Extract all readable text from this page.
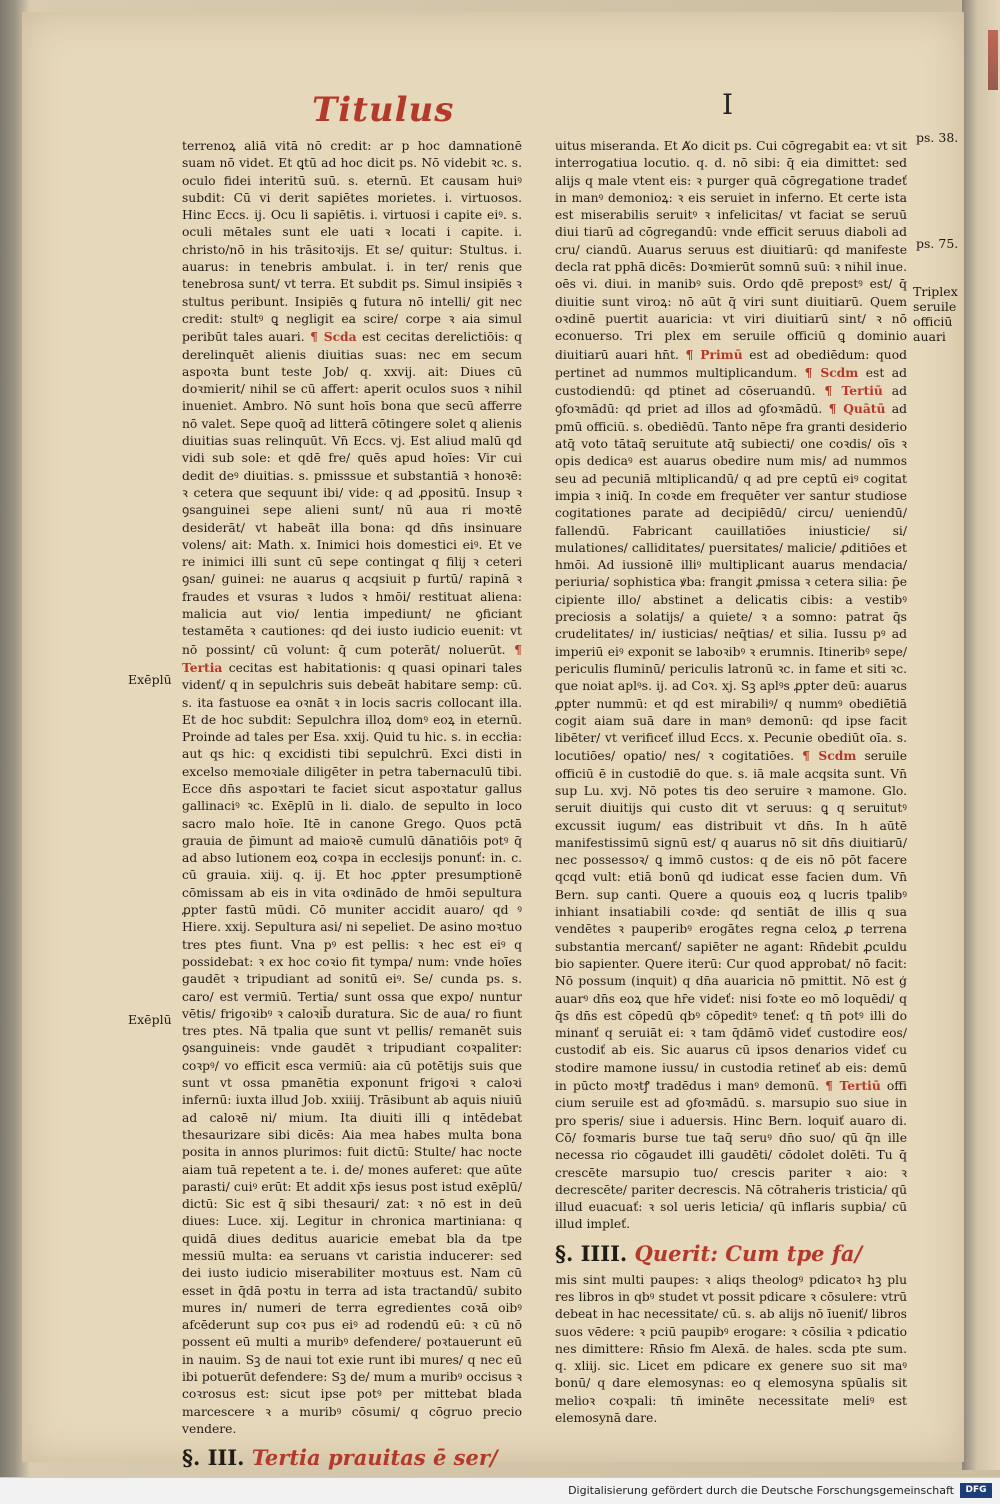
Titulus	I

terrenoꝝ aliā vitā nō credit: ar p hoc damnationē suam nō videt. Et ꝗtū ad hoc dicit ps. Nō videbit ꝛc. s. oculo fidei interitū suū. s. eternū. Et causam huiꝰ subdit: Cū vi derit sapiētes morietes. i. virtuosos. Hinc Eccs. ij. Ocu li sapiētis. i. virtuosi i capite eiꝰ. s. oculi mētales sunt ele uati ꝛ locati i capite. i. christo/nō in his trāsitoꝛijs. Et se/ quitur: Stultus. i. auarus: in tenebris ambulat. i. in ter/ renis que tenebrosa sunt/ vt terra. Et subdit ps. Simul insipiēs ꝛ stultus peribunt. Insipiēs ꝗ futura nō intelli/ git nec credit: stultꝰ ꝗ negligit ea scire/ corpe ꝛ aia simul peribūt tales auari. ¶ Scda est cecitas derelictiōis: q derelinquēt alienis diuitias suas: nec em secum aspoꝛta bunt teste Job/ q. xxvij. ait: Diues cū doꝛmierit/ nihil se cū affert: aperit oculos suos ꝛ nihil inueniet. Ambro. Nō sunt hoīs bona que secū afferre nō valet. Sepe quoq̄ ad litterā cōtingere solet q alienis diuitias suas relinquūt. Vn̄ Eccs. vj. Est aliud malū qd vidi sub sole: et qdē fre/ quēs apud hoīes: Vir cui dedit deꝰ diuitias. s. pmisssue et substantiā ꝛ honoꝛē: ꝛ cetera que sequunt ibi/ vide: q ad ꝓpositū. Insup ꝛ ꝯsanguinei sepe alieni sunt/ nū aua ri moꝛtē desiderāt/ vt habeāt illa bona: qd dn̄s insinuare volens/ ait: Math. x. Inimici hois domestici eiꝰ. Et ve re inimici illi sunt cū sepe contingat q filij ꝛ ceteri ꝯsan/ guinei: ne auarus q acqsiuit p furtū/ rapinā ꝛ fraudes et vsuras ꝛ ludos ꝛ hmōi/ restituat aliena: malicia aut vio/ lentia impediunt/ ne ꝯficiant testamēta ꝛ cautiones: qd dei iusto iudicio euenit: vt nō possint/ cū volunt: q̄ cum poterāt/ noluerūt. ¶ Tertia cecitas est habitationis: q quasi opinari tales videnť/ q in sepulchris suis debeāt habitare semp: cū. s. ita fastuose ea oꝛnāt ꝛ in locis sacris collocant illa. Et de hoc subdit: Sepulchra illoꝝ domꝰ eoꝝ in eternū. Proinde ad tales per Esa. xxij. Quid tu hic. s. in eccłia: aut qs hic: q excidisti tibi sepulchrū. Exci disti in excelso memoꝛiale diligēter in petra tabernaculū tibi. Ecce dn̄s aspoꝛtari te faciet sicut aspoꝛtatur gallus gallinaciꝰ ꝛc. Exēplū in li. dialo. de sepulto in loco sacro malo hoīe. Itē in canone Grego. Quos pctā grauia de p̄imunt ad maioꝛē cumulū dānatiōis potꝰ q̄ ad abso lutionem eoꝝ coꝛpa in ecclesijs ponunť: in. c. cū grauia. xiij. q. ij. Et hoc ꝓpter presumptionē cōmissam ab eis in vita oꝛdinādo de hmōi sepultura ꝓpter fastū mūdi. Cō muniter accidit auaro/ qd ꝰ Hiere. xxij. Sepultura asi/ ni sepeliet. De asino moꝛtuo tres ptes fiunt. Vna pꝰ est pellis: ꝛ hec est eiꝰ q possidebat: ꝛ ex hoc coꝛio fit tympa/ num: vnde hoīes gaudēt ꝛ tripudiant ad sonitū eiꝰ. Se/ cunda ps. s. caro/ est vermiū. Tertia/ sunt ossa que expo/ nuntur vētis/ frigoꝛibꝰ ꝛ caloꝛib̄ duratura. Sic de aua/ ro fiunt tres ptes. Nā tpalia que sunt vt pellis/ remanēt suis ꝯsanguineis: vnde gaudēt ꝛ tripudiant coꝛpaliter: coꝛpꝰ/ vo efficit esca vermiū: aia cū potētijs suis que sunt vt ossa pmanētia exponunt frigoꝛi ꝛ caloꝛi infernū: iuxta illud Job. xxiiij. Trāsibunt ab aquis niuiū ad caloꝛē ni/ mium. Ita diuiti illi q intēdebat thesaurizare sibi dicēs: Aia mea habes multa bona posita in annos plurimos: fuit dictū: Stulte/ hac nocte aiam tuā repetent a te. i. de/ mones auferet: que aūte parasti/ cuiꝰ erūt: Et addit xp̄s iesus post istud exēplū/ dictū: Sic est q̄ sibi thesauri/ zat: ꝛ nō est in deū diues: Luce. xij. Legitur in chronica martiniana: q quidā diues deditus auaricie emebat bla da tpe messiū multa: ea seruans vt caristia inducerer: sed dei iusto iudicio miserabiliter moꝛtuus est. Nam cū esset in q̄dā poꝛtu in terra ad ista tractandū/ subito mures in/ numeri de terra egredientes coꝛā oibꝰ afcēderunt sup coꝛ pus eiꝰ ad rodendū eū: ꝛ cū nō possent eū multi a muribꝰ defendere/ poꝛtauerunt eū in nauim. Sꝫ de naui tot exie runt ibi mures/ q nec eū ibi potuerūt defendere: Sꝫ de/ mum a muribꝰ occisus ꝛ coꝛrosus est: sicut ipse potꝰ per mittebat blada marcescere ꝛ a muribꝰ cōsumi/ q cōgruo precio vendere.

§. III. Tertia prauitas ē ser/

uitus miseranda. Et Ⱥo dicit ps. Cui cōgregabit ea: vt sit interrogatiua locutio. q. d. nō sibi: q̄ eia dimittet: sed alijs q male vtent eis: ꝛ purger quā cōgregatione tradeť in manꝰ demonioꝝ: ꝛ eis seruiet in inferno. Et certe ista est miserabilis seruitꝰ ꝛ infelicitas/ vt faciat se seruū diui tiarū ad cōgregandū: vnde efficit seruus diaboli ad cru/ ciandū. Auarus seruus est diuitiarū: qd manifeste decla rat pphā dicēs: Doꝛmierūt somnū suū: ꝛ nihil inue. oēs vi. diui. in manibꝰ suis. Ordo qdē prepostꝰ est/ q̄ diuitie sunt viroꝝ: nō aūt q̄ viri sunt diuitiarū. Quem oꝛdinē puertit auaricia: vt viri diuitiarū sint/ ꝛ nō econuerso. Tri plex em seruile officiū ꝗ dominio diuitiarū auari hn̄t. ¶ Primū est ad obediēdum: quod pertinet ad nummos multiplicandum. ¶ Scdm est ad custodiendū: qd ptinet ad cōseruandū. ¶ Tertiū ad ꝯfoꝛmādū: qd priet ad illos ad ꝯfoꝛmādū. ¶ Quātū ad pmū officiū. s. obediēdū. Tanto nēpe fra granti desiderio atq̄ voto tātaq̄ seruitute atq̄ subiecti/ one coꝛdis/ oīs ꝛ opis dedicaꝰ est auarus obedire num mis/ ad nummos seu ad pecuniā mltiplicandū/ q ad pre ceptū eiꝰ cogitat impia ꝛ iniq̄. In coꝛde em frequēter ver santur studiose cogitationes parate ad decipiēdū/ circu/ ueniendū/ fallendū. Fabricant cauillatiōes iniusticie/ si/ mulationes/ calliditates/ puersitates/ malicie/ ꝓditiōes et hmōi. Ad iussionē illiꝰ multiplicant auarus mendacia/ periuria/ sophistica ꝟba: frangit ꝓmissa ꝛ cetera silia: p̄e cipiente illo/ abstinet a delicatis cibis: a vestibꝰ preciosis a solatijs/ a quiete/ ꝛ a somno: patrat q̄s crudelitates/ in/ iusticias/ neq̄tias/ et silia. Iussu pꝰ ad imperiū eiꝰ exponit se laboꝛibꝰ ꝛ erumnis. Itineribꝰ sepe/ periculis fluminū/ periculis latronū ꝛc. in fame et siti ꝛc. que noiat aplꝰs. ij. ad Coꝛ. xj. Sꝫ aplꝰs ꝓpter deū: auarus ꝓpter nummū: et qd est mirabiliꝰ/ q nummꝰ obediētiā cogit aiam suā dare in manꝰ demonū: qd ipse facit libēter/ vt verificeť illud Eccs. x. Pecunie obediūt oīa. s. locutiōes/ opatio/ nes/ ꝛ cogitatiōes. ¶ Scdm seruile officiū ē in custodiē do que. s. iā male acqsita sunt. Vn̄ sup Lu. xvj. Nō potes tis deo seruire ꝛ mamone. Glo. seruit diuitijs qui custo dit vt seruus: ꝗ q seruitutꝰ excussit iugum/ eas distribuit vt dn̄s. In h aūtē manifestissimū signū est/ q auarus nō sit dn̄s diuitiarū/ nec possessoꝛ/ ꝗ immō custos: q de eis nō pōt facere qcqd vult: etiā bonū qd iudicat esse facien dum. Vn̄ Bern. sup canti. Quere a quouis eoꝝ q lucris tpalibꝰ inhiant insatiabili coꝛde: qd sentiāt de illis q sua vendētes ꝛ pauperibꝰ erogātes regna celoꝝ ꝓ terrena substantia mercanť/ sapiēter ne agant: Rn̄debit ꝓculdu bio sapienter. Quere iterū: Cur quod approbat/ nō facit: Nō possum (inquit) q dn̄a auaricia nō pmittit. Nō est ģ auarꝰ dn̄s eoꝝ que hr̄e videť: nisi foꝛte eo mō loquēdi/ q q̄s dn̄s est cōpedū qbꝰ cōpeditꝰ teneť: q tn̄ potꝰ illi do minanť q seruiāt ei: ꝛ tam q̄dāmō videť custodire eos/ custodiť ab eis. Sic auarus cū ipsos denarios videť cu stodire mamone iussu/ in custodia retineť ab eis: demū in pūcto moꝛtꝭ tradēdus i manꝰ demonū. ¶ Tertiū offi cium seruile est ad ꝯfoꝛmādū. s. marsupio suo siue in pro speris/ siue i aduersis. Hinc Bern. loquiť auaro di. Cō/ foꝛmaris burse tue taq̄ seruꝰ dn̄o suo/ qū q̄n ille necessa rio cōgaudet illi gaudēti/ cōdolet dolēti. Tu q̄ crescēte marsupio tuo/ crescis pariter ꝛ aio: ꝛ decrescēte/ pariter decrescis. Nā cōtraheris tristicia/ qū illud euacuať: ꝛ sol ueris leticia/ qū inflaris supbia/ cū illud impleť.

§. IIII. Querit: Cum tpe fa/

mis sint multi paupes: ꝛ aliqs theologꝰ pdicatoꝛ hꝫ plu res libros in qbꝰ studet vt possit pdicare ꝛ cōsulere: vtrū debeat in hac necessitate/ cū. s. ab alijs nō īueniť/ libros suos vēdere: ꝛ pciū paupibꝰ erogare: ꝛ cōsilia ꝛ pdicatio nes dimittere: Rn̄sio fm Alexā. de hales. scda pte sum. q. xliij. sic. Licet em pdicare ex genere suo sit maꝰ bonū/ q dare elemosynas: eo q elemosyna spūalis sit melioꝛ coꝛpali: tn̄ iminēte necessitate meliꝰ est elemosynā dare.

Exēplū
Exēplū
ps. 38.
ps. 75.
Triplex
seruile
officiū
auari
Digitalisierung gefördert durch die Deutsche Forschungsgemeinschaft	DFG
